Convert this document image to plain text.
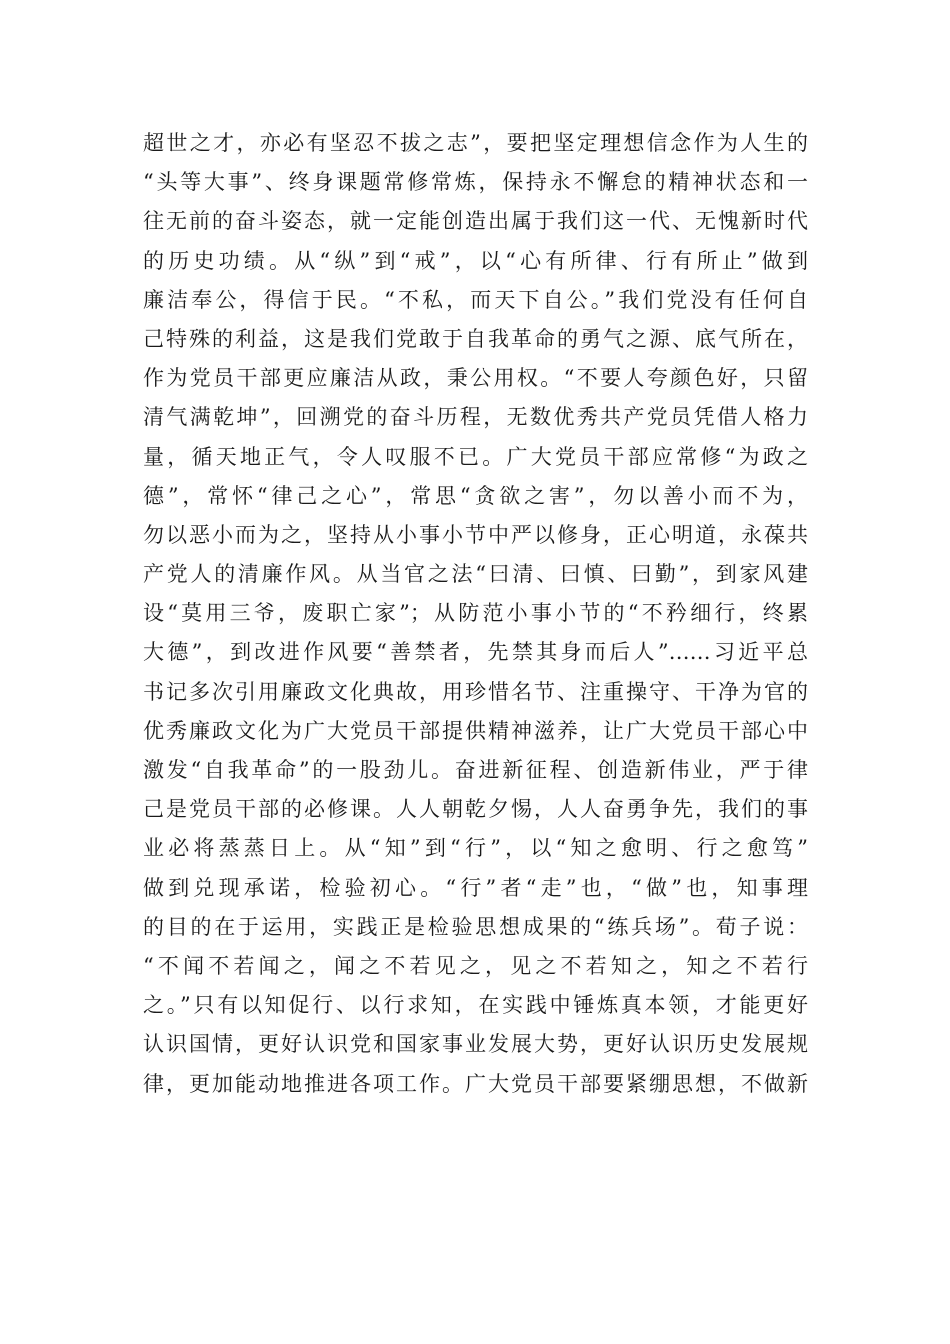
超世之才，亦必有坚忍不拔之志”，要把坚定理想信念作为人生的
“头等大事”、终身课题常修常炼，保持永不懈怠的精神状态和一
往无前的奋斗姿态，就一定能创造出属于我们这一代、无愧新时代
的历史功绩。从“纵”到“戒”，以“心有所律、行有所止”做到
廉洁奉公，得信于民。“不私，而天下自公。”我们党没有任何自
己特殊的利益，这是我们党敢于自我革命的勇气之源、底气所在，
作为党员干部更应廉洁从政，秉公用权。“不要人夸颜色好，只留
清气满乾坤”，回溯党的奋斗历程，无数优秀共产党员凭借人格力
量，循天地正气，令人叹服不已。广大党员干部应常修“为政之
德”，常怀“律己之心”，常思“贪欲之害”，勿以善小而不为，
勿以恶小而为之，坚持从小事小节中严以修身，正心明道，永葆共
产党人的清廉作风。从当官之法“曰清、曰慎、曰勤”，到家风建
设“莫用三爷，废职亡家”；从防范小事小节的“不矜细行，终累
大德”，到改进作风要“善禁者，先禁其身而后人”……习近平总
书记多次引用廉政文化典故，用珍惜名节、注重操守、干净为官的
优秀廉政文化为广大党员干部提供精神滋养，让广大党员干部心中
激发“自我革命”的一股劲儿。奋进新征程、创造新伟业，严于律
己是党员干部的必修课。人人朝乾夕惕，人人奋勇争先，我们的事
业必将蒸蒸日上。从“知”到“行”，以“知之愈明、行之愈笃”
做到兑现承诺，检验初心。“行”者“走”也，“做”也，知事理
的目的在于运用，实践正是检验思想成果的“练兵场”。荀子说：
“不闻不若闻之，闻之不若见之，见之不若知之，知之不若行
之。”只有以知促行、以行求知，在实践中锤炼真本领，才能更好
认识国情，更好认识党和国家事业发展大势，更好认识历史发展规
律，更加能动地推进各项工作。广大党员干部要紧绷思想，不做新
